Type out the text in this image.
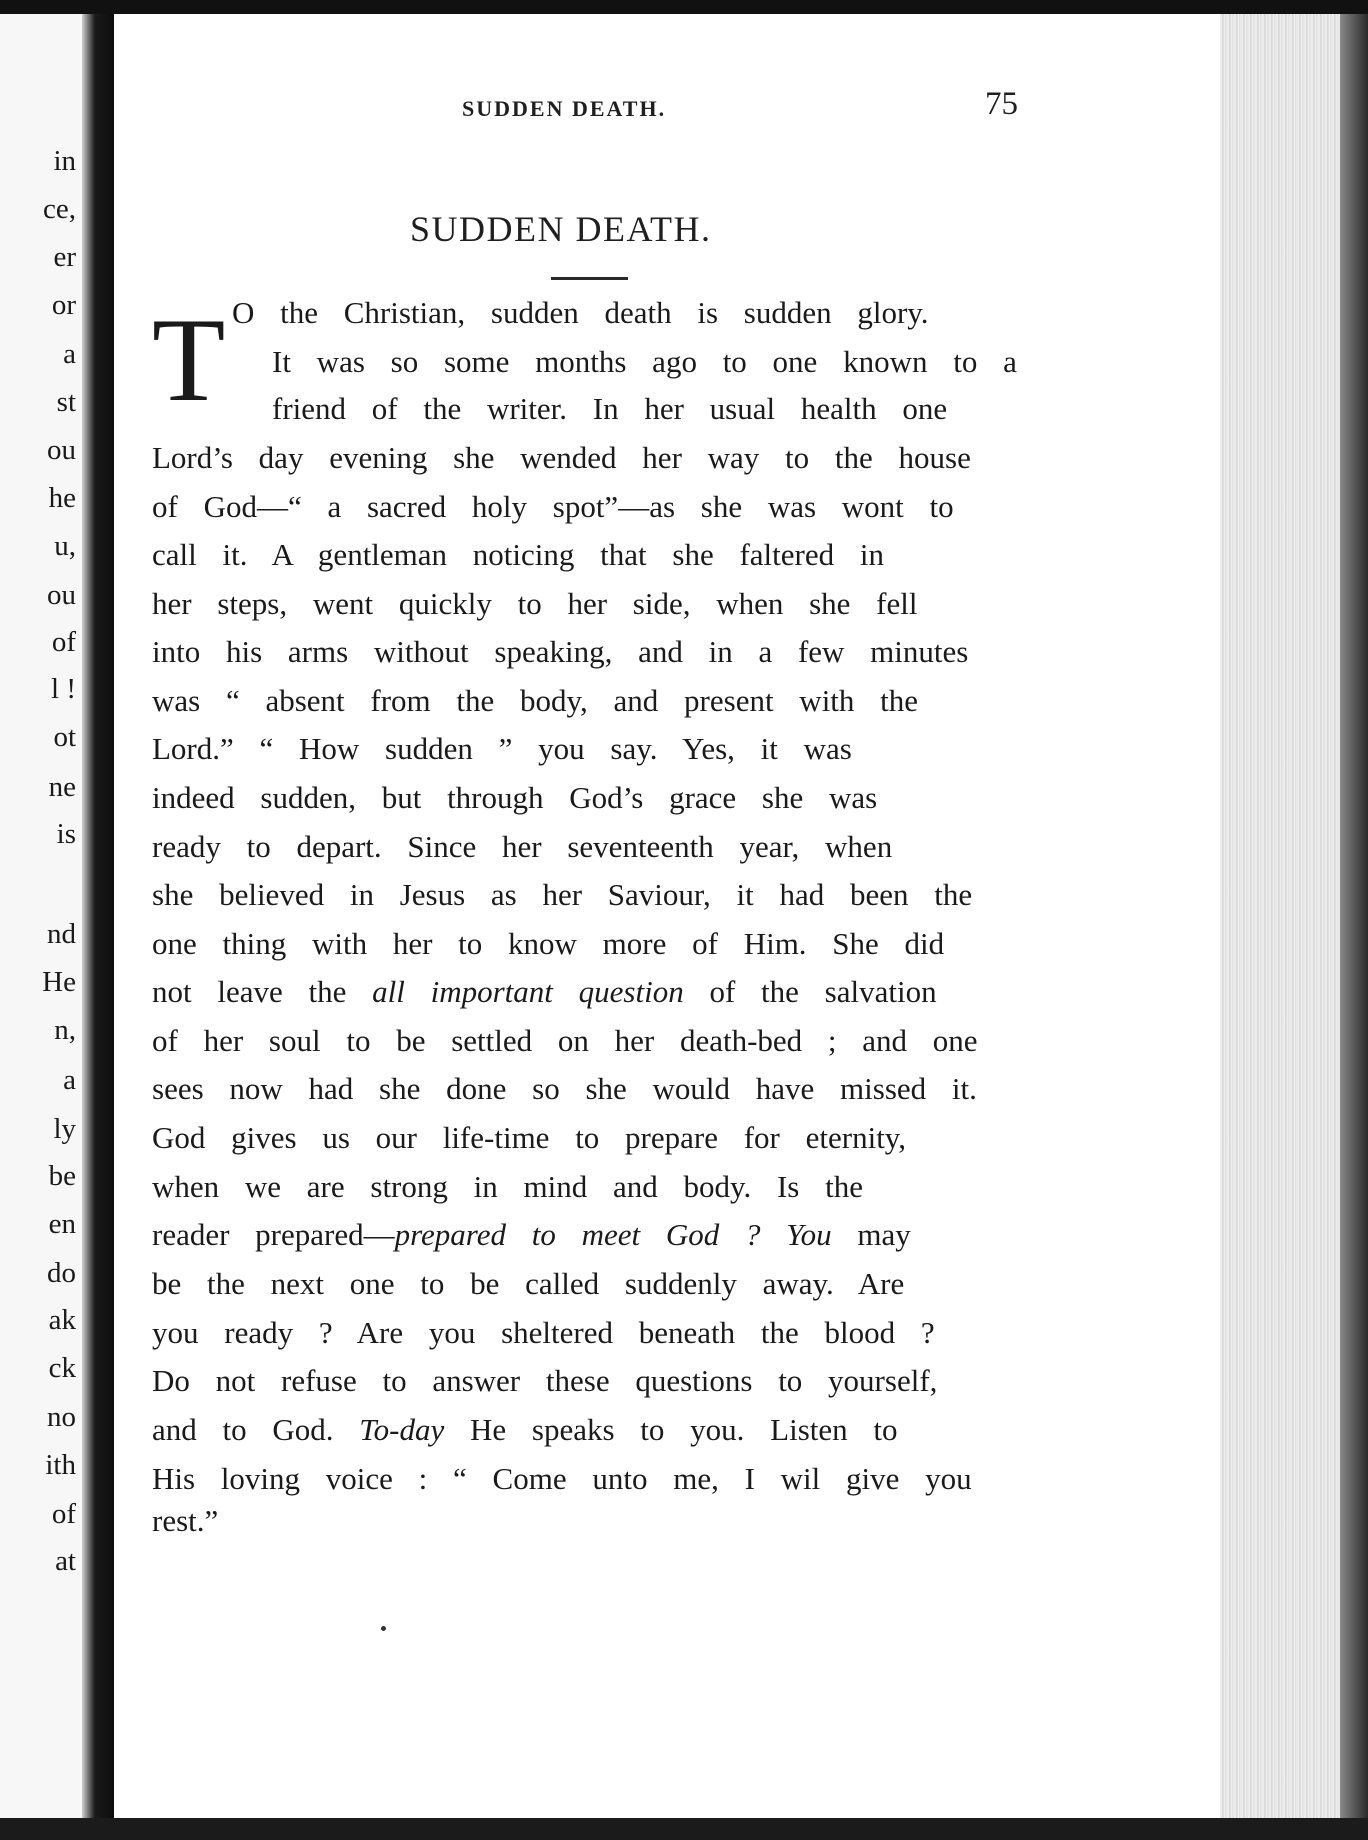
in
ce,
er
or
a
st
ou
he
u,
ou
of
l !
ot
ne
is
nd
He
n,
a
ly
be
en
do
ak
ck
no
ith
of
at
SUDDEN DEATH.	75
SUDDEN DEATH.
T O the Christian, sudden death is sudden glory.
It was so some months ago to one known to a
friend of the writer. In her usual health one
Lord’s day evening she wended her way to the house
of God—“ a sacred holy spot”—as she was wont to
call it. A gentleman noticing that she faltered in
her steps, went quickly to her side, when she fell
into his arms without speaking, and in a few minutes
was “ absent from the body, and present with the
Lord.” “ How sudden ” you say. Yes, it was
indeed sudden, but through God’s grace she was
ready to depart. Since her seventeenth year, when
she believed in Jesus as her Saviour, it had been the
one thing with her to know more of Him. She did
not leave the all important question of the salvation
of her soul to be settled on her death-bed ; and one
sees now had she done so she would have missed it.
God gives us our life-time to prepare for eternity,
when we are strong in mind and body. Is the
reader prepared—prepared to meet God ? You may
be the next one to be called suddenly away. Are
you ready ? Are you sheltered beneath the blood ?
Do not refuse to answer these questions to yourself,
and to God. To-day He speaks to you. Listen to
His loving voice : “ Come unto me, I wil give you
rest.”
